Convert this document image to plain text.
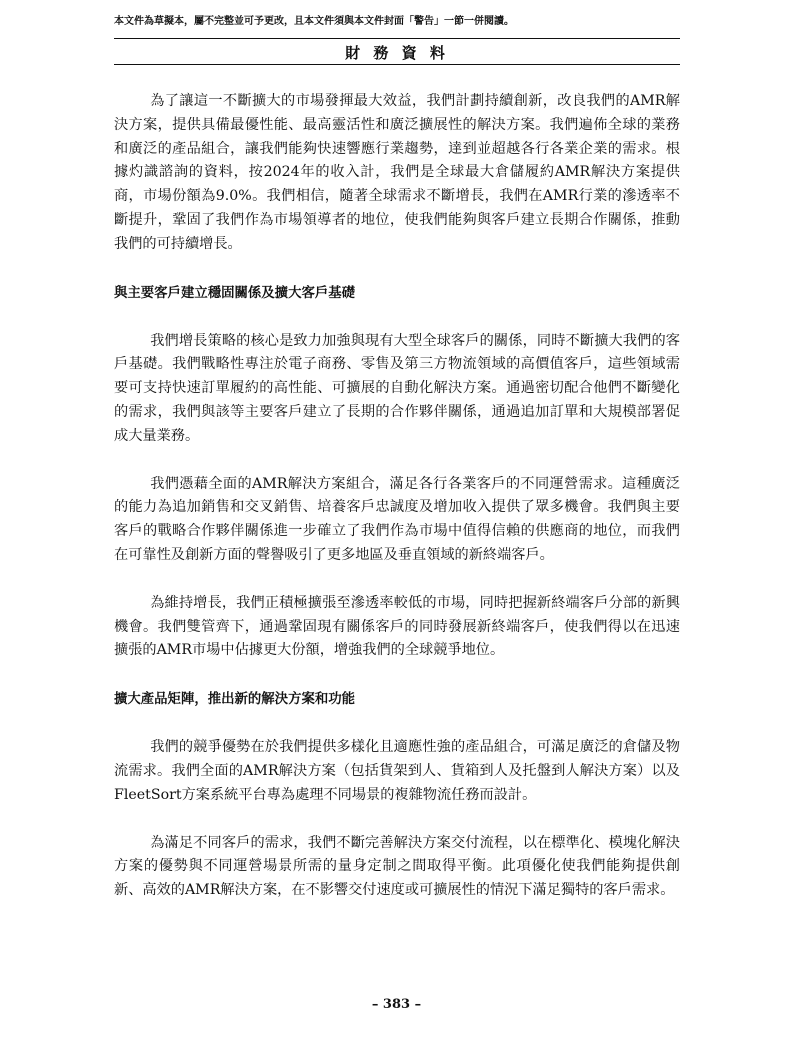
本文件為草擬本，屬不完整並可予更改，且本文件須與本文件封面「警告」一節一併閱讀。
財 務 資 料

為了讓這一不斷擴大的市場發揮最大效益，我們計劃持續創新，改良我們的AMR解決方案，提供具備最優性能、最高靈活性和廣泛擴展性的解決方案。我們遍佈全球的業務和廣泛的產品組合，讓我們能夠快速響應行業趨勢，達到並超越各行各業企業的需求。根據灼識諮詢的資料，按2024年的收入計，我們是全球最大倉儲履約AMR解決方案提供商，市場份額為9.0%。我們相信，隨著全球需求不斷增長，我們在AMR行業的滲透率不斷提升，鞏固了我們作為市場領導者的地位，使我們能夠與客戶建立長期合作關係，推動我們的可持續增長。

與主要客戶建立穩固關係及擴大客戶基礎

我們增長策略的核心是致力加強與現有大型全球客戶的關係，同時不斷擴大我們的客戶基礎。我們戰略性專注於電子商務、零售及第三方物流領域的高價值客戶，這些領域需要可支持快速訂單履約的高性能、可擴展的自動化解決方案。通過密切配合他們不斷變化的需求，我們與該等主要客戶建立了長期的合作夥伴關係，通過追加訂單和大規模部署促成大量業務。

我們憑藉全面的AMR解決方案組合，滿足各行各業客戶的不同運營需求。這種廣泛的能力為追加銷售和交叉銷售、培養客戶忠誠度及增加收入提供了眾多機會。我們與主要客戶的戰略合作夥伴關係進一步確立了我們作為市場中值得信賴的供應商的地位，而我們在可靠性及創新方面的聲譽吸引了更多地區及垂直領域的新終端客戶。

為維持增長，我們正積極擴張至滲透率較低的市場，同時把握新終端客戶分部的新興機會。我們雙管齊下，通過鞏固現有關係客戶的同時發展新終端客戶，使我們得以在迅速擴張的AMR市場中佔據更大份額，增強我們的全球競爭地位。

擴大產品矩陣，推出新的解決方案和功能

我們的競爭優勢在於我們提供多樣化且適應性強的產品組合，可滿足廣泛的倉儲及物流需求。我們全面的AMR解決方案（包括貨架到人、貨箱到人及托盤到人解決方案）以及FleetSort方案系統平台專為處理不同場景的複雜物流任務而設計。

為滿足不同客戶的需求，我們不斷完善解決方案交付流程，以在標準化、模塊化解決方案的優勢與不同運營場景所需的量身定制之間取得平衡。此項優化使我們能夠提供創新、高效的AMR解決方案，在不影響交付速度或可擴展性的情況下滿足獨特的客戶需求。

– 383 –
